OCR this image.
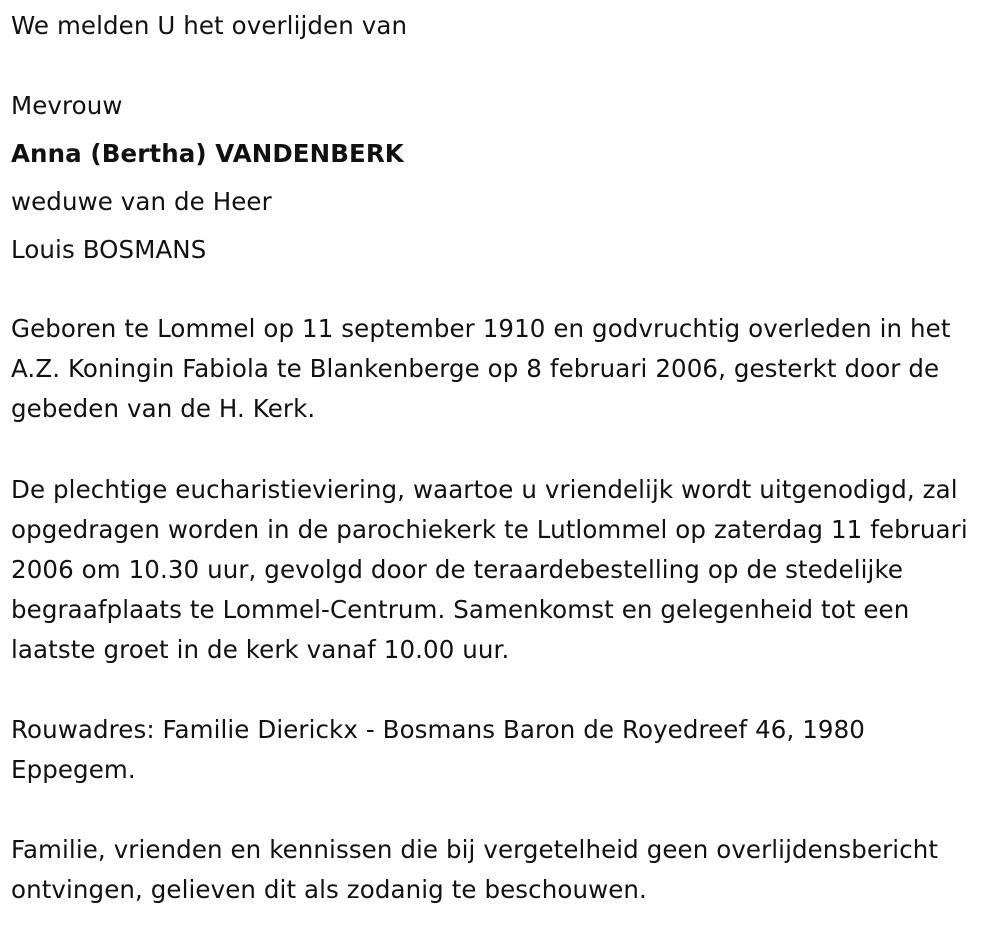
We melden U het overlijden van
Mevrouw
Anna (Bertha) VANDENBERK
weduwe van de Heer
Louis BOSMANS

Geboren te Lommel op 11 september 1910 en godvruchtig overleden in het A.Z. Koningin Fabiola te Blankenberge op 8 februari 2006, gesterkt door de gebeden van de H. Kerk.

De plechtige eucharistieviering, waartoe u vriendelijk wordt uitgenodigd, zal opgedragen worden in de parochiekerk te Lutlommel op zaterdag 11 februari 2006 om 10.30 uur, gevolgd door de teraardebestelling op de stedelijke begraafplaats te Lommel-Centrum. Samenkomst en gelegenheid tot een laatste groet in de kerk vanaf 10.00 uur.

Rouwadres: Familie Dierickx - Bosmans Baron de Royedreef 46, 1980 Eppegem.

Familie, vrienden en kennissen die bij vergetelheid geen overlijdensbericht ontvingen, gelieven dit als zodanig te beschouwen.
